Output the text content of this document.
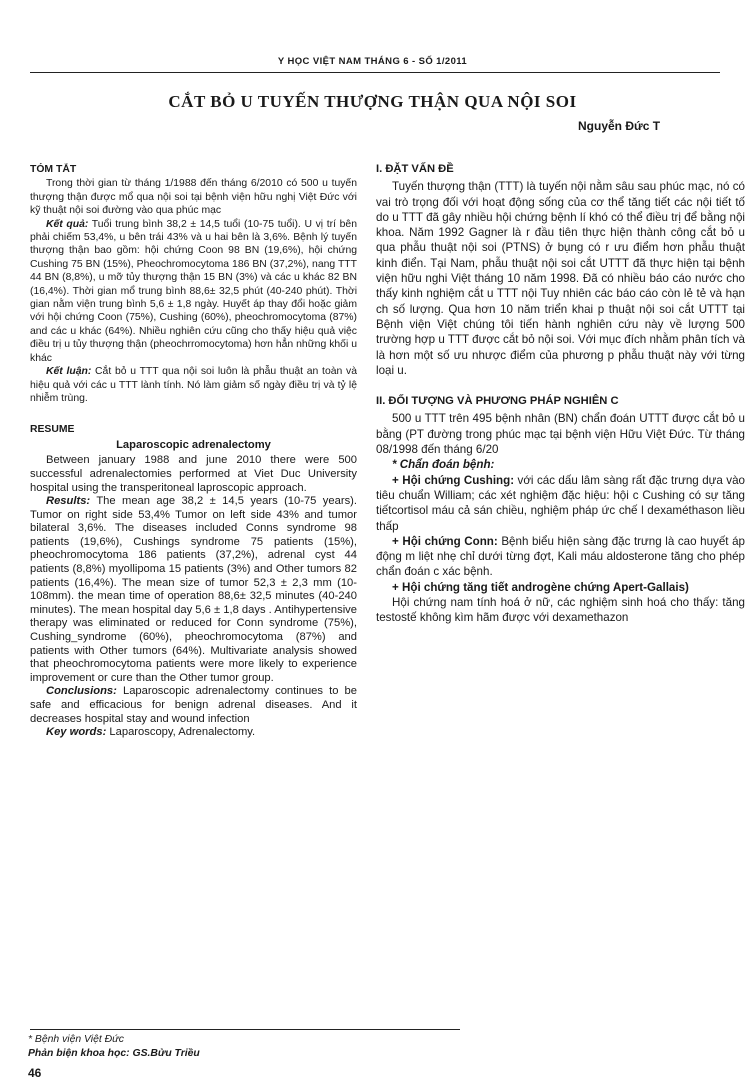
Y HỌC VIỆT NAM THÁNG 6 - SỐ 1/2011
CẮT BỎ U TUYẾN THƯỢNG THẬN QUA NỘI SOI
Nguyễn Đức T
TÓM TẮT

Trong thời gian từ tháng 1/1988 đến tháng 6/2010 có 500 u tuyến thượng thận được mổ qua nội soi tại bệnh viện hữu nghị Việt Đức với kỹ thuật nội soi đường vào qua phúc mạc

Kết quả: Tuổi trung bình 38,2 ± 14,5 tuổi (10-75 tuổi). U vị trí bên phải chiếm 53,4%, u bên trái 43% và u hai bên là 3,6%. Bệnh lý tuyến thượng thận bao gồm: hội chứng Coon 98 BN (19,6%), hội chứng Cushing 75 BN (15%), Pheochromocytoma 186 BN (37,2%), nang TTT 44 BN (8,8%), u mỡ tủy thượng thận 15 BN (3%) và các u khác 82 BN (16,4%). Thời gian mổ trung bình 88,6± 32,5 phút (40-240 phút). Thời gian nằm viện trung bình 5,6 ± 1,8 ngày. Huyết áp thay đổi hoặc giảm với hội chứng Coon (75%), Cushing (60%), pheochromocytoma (87%) and các u khác (64%). Nhiều nghiên cứu cũng cho thấy hiệu quả việc điều trị u tủy thượng thận (pheochrromocytoma) hơn hẳn những khối u khác

Kết luận: Cắt bỏ u TTT qua nội soi luôn là phẫu thuật an toàn và hiệu quả với các u TTT lành tính. Nó làm giảm số ngày điều trị và tỷ lệ nhiễm trùng.

RESUME
Laparoscopic adrenalectomy

Between january 1988 and june 2010 there were 500 successful adrenalectomies performed at Viet Duc University hospital using the transperitoneal laproscopic approach.

Results: The mean age 38,2 ± 14,5 years (10-75 years). Tumor on right side 53,4% Tumor on left side 43% and tumor bilateral 3,6%. The diseases included Conns syndrome 98 patients (19,6%), Cushings syndrome 75 patients (15%), pheochromocytoma 186 patients (37,2%), adrenal cyst 44 patients (8,8%) myollipoma 15 patients (3%) and Other tumors 82 patients (16,4%). The mean size of tumor 52,3 ± 2,3 mm (10-108mm). the mean time of operation 88,6± 32,5 minutes (40-240 minutes). The mean hospital day 5,6 ± 1,8 days . Antihypertensive therapy was eliminated or reduced for Conn syndrome (75%), Cushing_syndrome (60%), pheochromocytoma (87%) and patients with Other tumors (64%). Multivariate analysis showed that pheochromocytoma patients were more likely to experience improvement or cure than the Other tumor group.

Conclusions: Laparoscopic adrenalectomy continues to be safe and efficacious for benign adrenal diseases. And it decreases hospital stay and wound infection

Key words: Laparoscopy, Adrenalectomy.

I. ĐẶT VẤN ĐỀ

Tuyến thượng thận (TTT) là tuyến nội nằm sâu sau phúc mạc, nó có vai trò trọng đối với hoạt động sống của cơ thể tăng tiết các nội tiết tố do u TTT đã gây nhiều hội chứng bệnh lí khó có thể điều trị để bằng nội khoa. Năm 1992 Gagner là r đầu tiên thực hiện thành công cắt bỏ u qua phẫu thuật nội soi (PTNS) ở bụng có r ưu điểm hơn phẫu thuật kinh điển. Tại Nam, phẫu thuật nội soi cắt UTTT đã thực hiện tại bệnh viện hữu nghi Việt tháng 10 năm 1998. Đã có nhiều báo cáo nước cho thấy kinh nghiệm cắt u TTT nội Tuy nhiên các báo cáo còn lẻ tẻ và hạn ch số lượng. Qua hơn 10 năm triển khai p thuật nội soi cắt UTTT tại Bệnh viện Việt chúng tôi tiến hành nghiên cứu này về lượng 500 trường hợp u TTT được cắt bỏ nội soi. Với mục đích nhằm phân tích và là hơn một số ưu nhược điểm của phương p phẫu thuật này với từng loại u.

II. ĐỐI TƯỢNG VÀ PHƯƠNG PHÁP NGHIÊN C

500 u TTT trên 495 bệnh nhân (BN) chẩn đoán UTTT được cắt bỏ u bằng (PT đường trong phúc mạc tại bệnh viện Hữu Việt Đức. Từ tháng 08/1998 đến tháng 6/20

* Chẩn đoán bệnh:

+ Hội chứng Cushing: với các dấu lâm sàng rất đặc trưng dựa vào tiêu chuẩn William; các xét nghiệm đặc hiệu: hội c Cushing có sự tăng tiếtcortisol máu cả sán chiều, nghiệm pháp ức chế l dexaméthason liều thấp

+ Hội chứng Conn: Bệnh biểu hiện sàng đặc trưng là cao huyết áp động m liệt nhẹ chỉ dưới từng đợt, Kali máu aldosterone tăng cho phép chẩn đoán c xác bệnh.

+ Hội chứng tăng tiết androgène chứng Apert-Gallais)

Hội chứng nam tính hoá ở nữ, các nghiệm sinh hoá cho thấy: tăng testostế không kìm hãm được với dexamethazon

* Bệnh viện Việt Đức
Phản biện khoa học: GS.Bửu Triều
46
